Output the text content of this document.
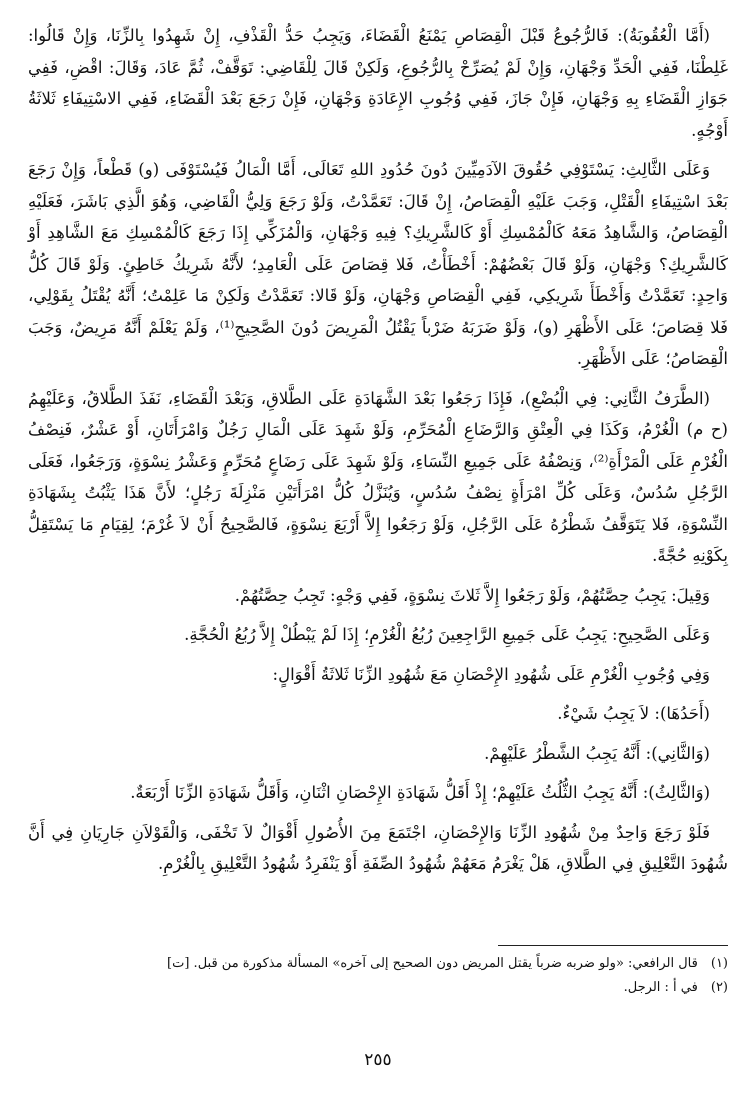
(أَمَّا الْعُقُوبَةُ): فَالرُّجُوعُ قَبْلَ الْقِصَاصِ يَمْنَعُ الْقَضَاءَ، وَيَجِبُ حَدُّ الْقَذْفِ، إِنْ شَهِدُوا بِالزِّنَا، وَإِنْ قَالُوا: غَلِطْنَا، فَفِي الْحَدِّ وَجْهَانِ، وَإِنْ لَمْ يُصَرِّحْ بِالرُّجُوعِ، وَلَكِنْ قَالَ لِلْقَاضِي: تَوَقَّفْ، ثُمَّ عَادَ، وَقَالَ: اقْضِ، فَفِي جَوَازِ الْقَضَاءِ بِهِ وَجْهَانِ، فَإِنْ جَازَ، فَفِي وُجُوبِ الإِعَادَةِ وَجْهَانِ، فَإِنْ رَجَعَ بَعْدَ الْقَضَاءِ، فَفِي الاسْتِيفَاءِ ثَلاثَةُ أَوْجُهٍ.

وَعَلَى الثَّالِثِ: يَسْتَوْفِي حُقُوقَ الآدَمِيِّينَ دُونَ حُدُودِ اللهِ تَعَالَى، أَمَّا الْمَالُ فَيُسْتَوْفَى (و) قَطْعاً، وَإِنْ رَجَعَ بَعْدَ اسْتِيفَاءِ الْقَتْلِ، وَجَبَ عَلَيْهِ الْقِصَاصُ، إِنْ قَالَ: تَعَمَّدْتُ، وَلَوْ رَجَعَ وَلِيُّ الْقَاضِي، وَهُوَ الَّذِي بَاشَرَ، فَعَلَيْهِ الْقِصَاصُ، وَالشَّاهِدُ مَعَهُ كَالْمُمْسِكِ أَوْ كَالشَّرِيكِ؟ فِيهِ وَجْهَانِ، وَالْمُزَكِّي إِذَا رَجَعَ كَالْمُمْسِكِ مَعَ الشَّاهِدِ أَوْ كَالشَّرِيكِ؟ وَجْهَانِ، وَلَوْ قَالَ بَعْضُهُمْ: أَخْطَأْتُ، فَلا قِصَاصَ عَلَى الْعَامِدِ؛ لأَنَّهُ شَرِيكُ خَاطِئٍ. وَلَوْ قَالَ كُلُّ وَاحِدٍ: تَعَمَّدْتُ وَأَخْطَأَ شَرِيكِي، فَفِي الْقِصَاصِ وَجْهَانِ، وَلَوْ قَالا: تَعَمَّدْتُ وَلَكِنْ مَا عَلِمْتُ؛ أَنَّهُ يُقْتَلُ بِقَوْلِي، فَلا قِصَاصَ؛ عَلَى الأَظْهَرِ (و)، وَلَوْ ضَرَبَهُ ضَرْباً يَقْتُلُ الْمَرِيضَ دُونَ الصَّحِيحِ⁽¹⁾، وَلَمْ يَعْلَمْ أَنَّهُ مَرِيضٌ، وَجَبَ الْقِصَاصُ؛ عَلَى الأَظْهَرِ.

(الطَّرَفُ الثَّانِي: فِي الْبُضْعِ)، فَإِذَا رَجَعُوا بَعْدَ الشَّهَادَةِ عَلَى الطَّلاقِ، وَبَعْدَ الْقَضَاءِ، نَفَذَ الطَّلاقُ، وَعَلَيْهِمُ (ح م) الْغُرْمُ، وَكَذَا فِي الْعِتْقِ وَالرَّضَاعِ الْمُحَرِّمِ، وَلَوْ شَهِدَ عَلَى الْمَالِ رَجُلٌ وَامْرَأَتَانِ، أَوْ عَشْرٌ، فَنِصْفُ الْغُرْمِ عَلَى الْمَرْأَةِ⁽²⁾، وَنِصْفُهُ عَلَى جَمِيعِ النِّسَاءِ، وَلَوْ شَهِدَ عَلَى رَضَاعٍ مُحَرِّمٍ وَعَشْرُ نِسْوَةٍ، وَرَجَعُوا، فَعَلَى الرَّجُلِ سُدُسٌ، وَعَلَى كُلِّ امْرَأَةٍ نِصْفُ سُدُسٍ، وَيُنَزَّلُ كُلُّ امْرَأَتَيْنِ مَنْزِلَةَ رَجُلٍ؛ لأَنَّ هَذَا يَثْبُتُ بِشَهَادَةِ النِّسْوَةِ، فَلا يَتَوَقَّفُ شَطْرُهُ عَلَى الرَّجُلِ، وَلَوْ رَجَعُوا إِلاَّ أَرْبَعَ نِسْوَةٍ، فَالصَّحِيحُ أَنْ لاَ غُرْمَ؛ لِقِيَامِ مَا يَسْتَقِلُّ بِكَوْنِهِ حُجَّةً.

وَقِيلَ: يَجِبُ حِصَّتُهُمْ، وَلَوْ رَجَعُوا إِلاَّ ثَلاثَ نِسْوَةٍ، فَفِي وَجْهٍ: تَجِبُ حِصَّتُهُمْ.

وَعَلَى الصَّحِيحِ: يَجِبُ عَلَى جَمِيعِ الرَّاجِعِينَ رُبُعُ الْغُرْمِ؛ إِذَا لَمْ يَبْطُلْ إِلاَّ رُبُعُ الْحُجَّةِ.

وَفِي وُجُوبِ الْغُرْمِ عَلَى شُهُودِ الإِحْصَانِ مَعَ شُهُودِ الزِّنَا ثَلاثَةُ أَقْوَالٍ:

(أَحَدُهَا): لاَ يَجِبُ شَيْءٌ.

(وَالثَّانِي): أَنَّهُ يَجِبُ الشَّطْرُ عَلَيْهِمْ.

(وَالثَّالِثُ): أَنَّهُ يَجِبُ الثُّلُثُ عَلَيْهِمْ؛ إِذْ أَقَلُّ شَهَادَةِ الإِحْصَانِ اثْنَانِ، وَأَقَلُّ شَهَادَةِ الزِّنَا أَرْبَعَةٌ.

فَلَوْ رَجَعَ وَاحِدٌ مِنْ شُهُودِ الزِّنَا وَالإِحْصَانِ، اجْتَمَعَ مِنَ الأُصُولِ أَقْوَالٌ لاَ تَخْفَى، وَالْقَوْلاَنِ جَارِيَانِ فِي أَنَّ شُهُودَ التَّعْلِيقِ فِي الطَّلاقِ، هَلْ يَغْرَمُ مَعَهُمْ شُهُودُ الصِّفَةِ أَوْ يَنْفَرِدُ شُهُودُ التَّعْلِيقِ بِالْغُرْمِ.

(١) قال الرافعي: «ولو ضربه ضرباً يقتل المريض دون الصحيح إلى آخره» المسألة مذكورة من قبل. [ت]

(٢) في أ : الرجل.

٢٥٥
